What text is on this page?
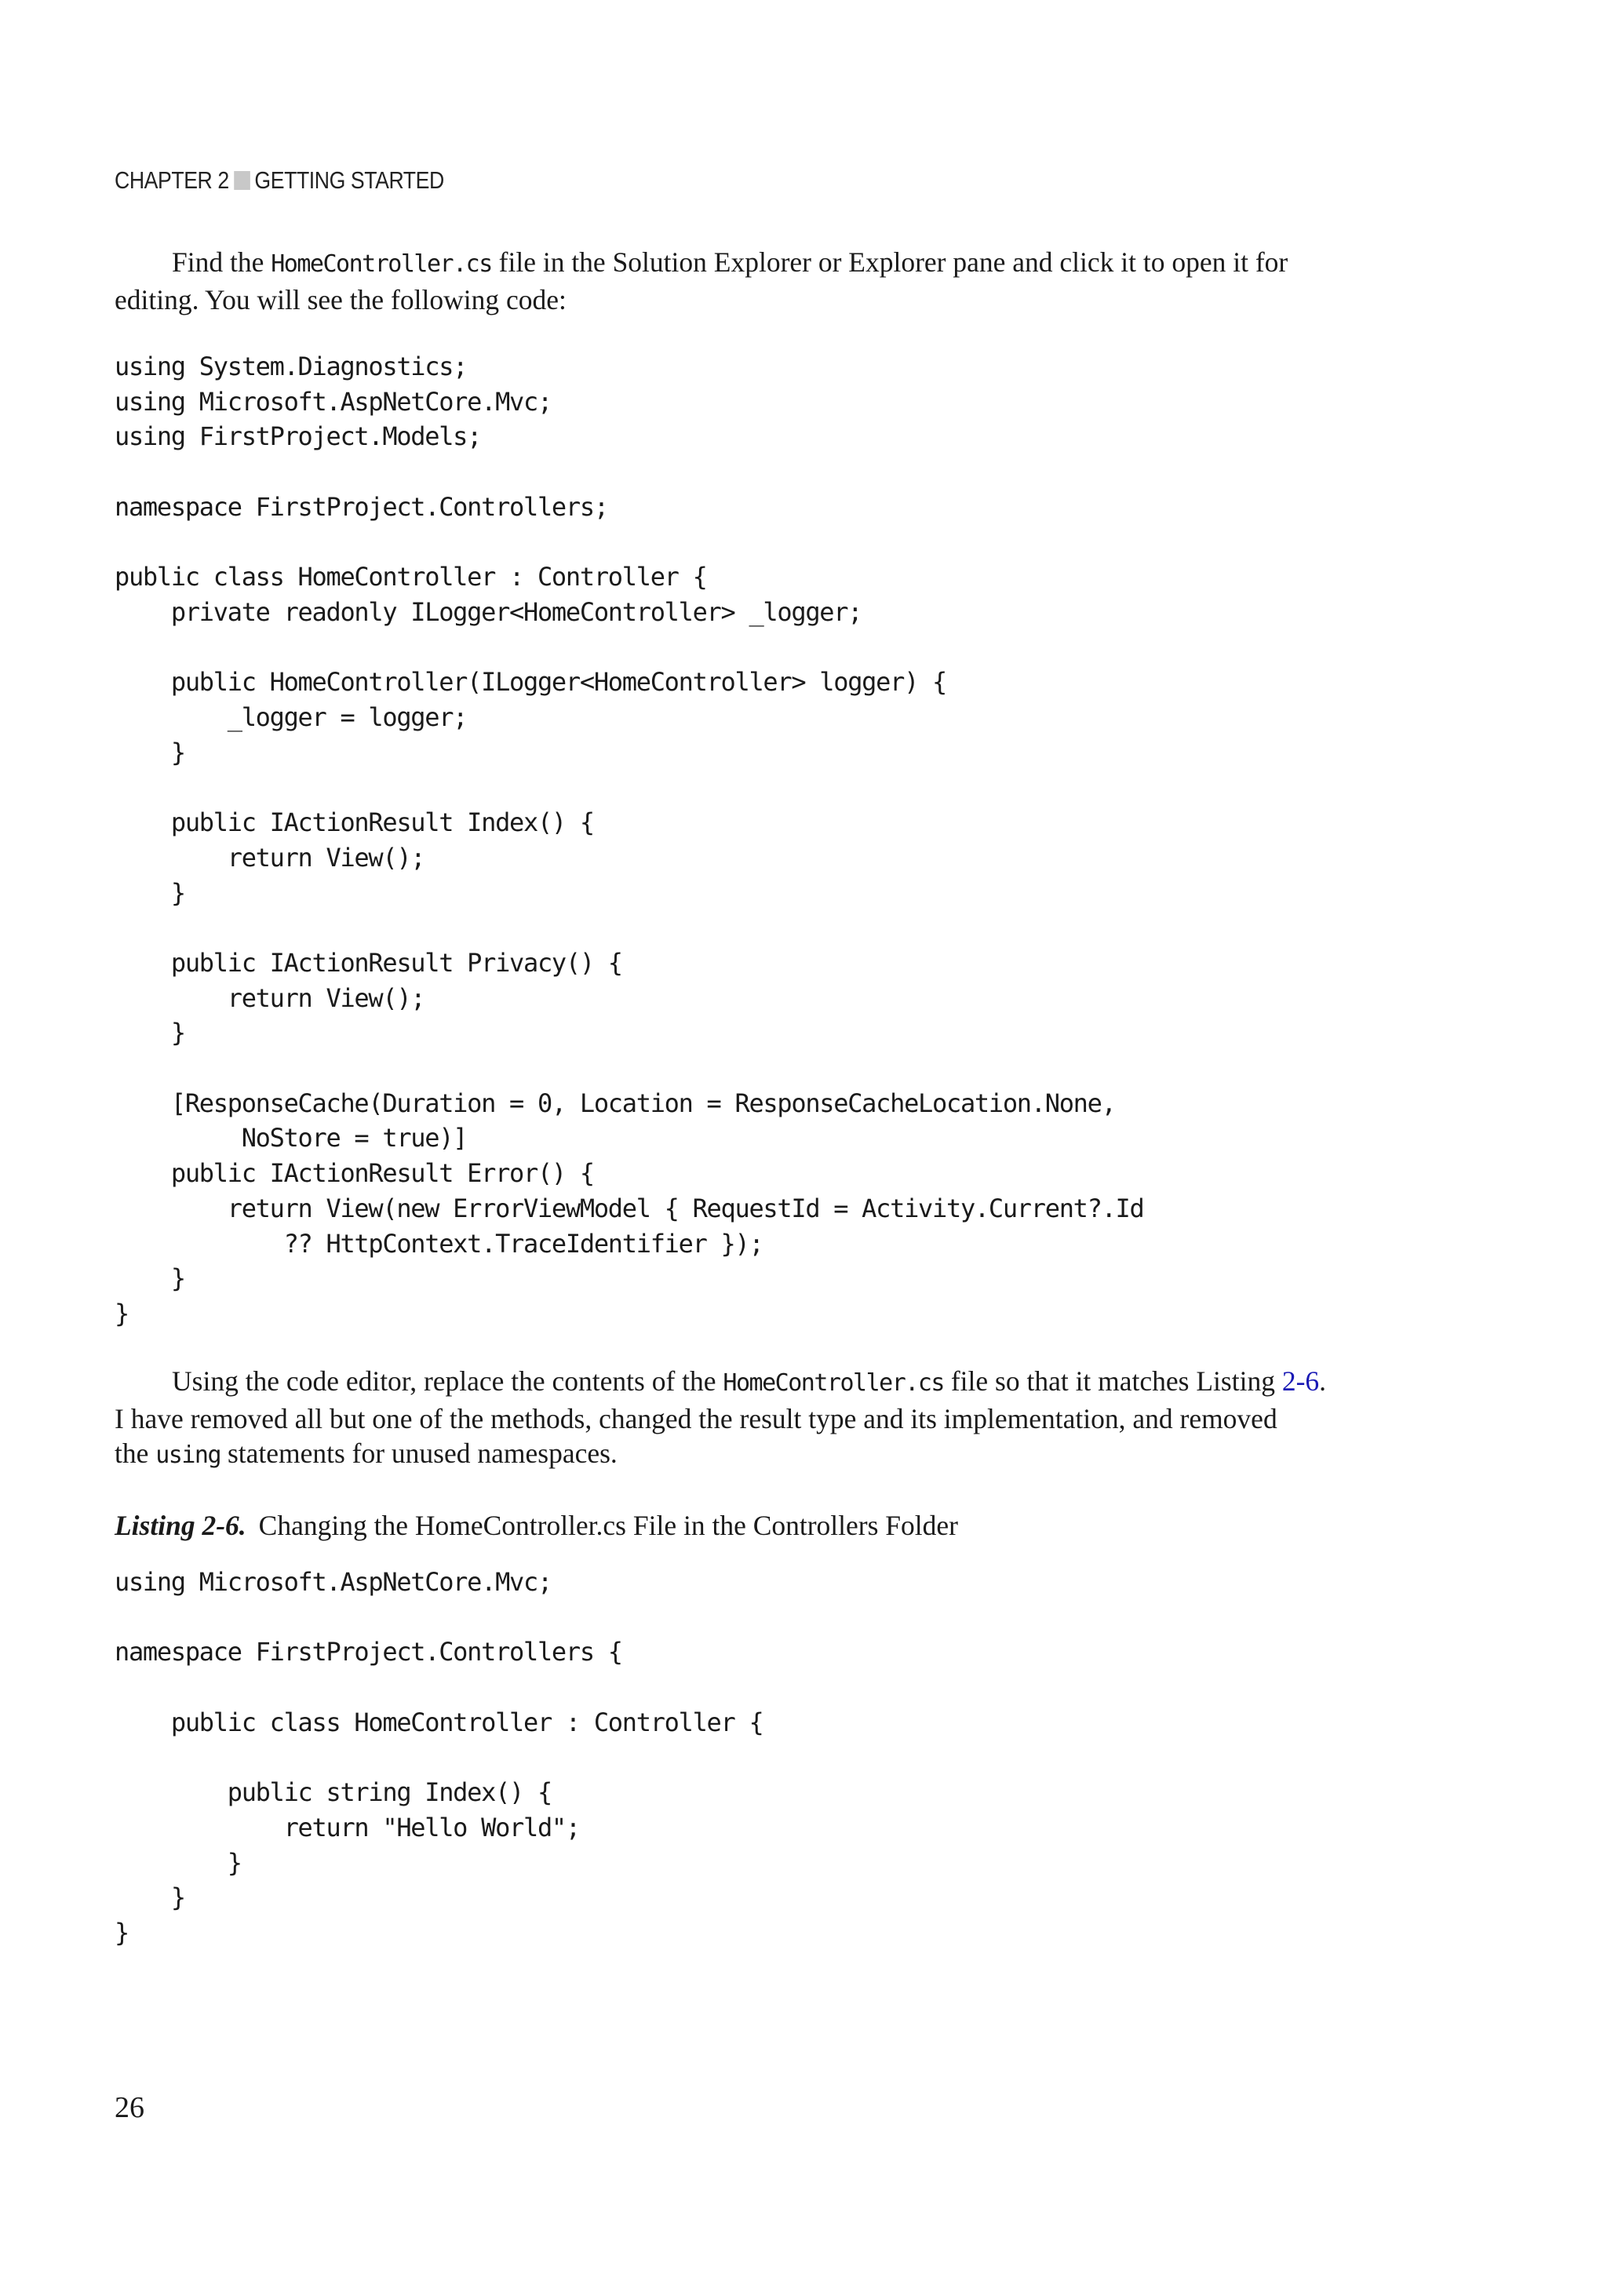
CHAPTER 2 GETTING STARTED
Find the HomeController.cs file in the Solution Explorer or Explorer pane and click it to open it for
editing. You will see the following code:
using System.Diagnostics;
using Microsoft.AspNetCore.Mvc;
using FirstProject.Models;

namespace FirstProject.Controllers;

public class HomeController : Controller {
private readonly ILogger<HomeController> _logger;

public HomeController(ILogger<HomeController> logger) {
_logger = logger;
}

public IActionResult Index() {
return View();
}

public IActionResult Privacy() {
return View();
}

[ResponseCache(Duration = 0, Location = ResponseCacheLocation.None,
NoStore = true)]
public IActionResult Error() {
return View(new ErrorViewModel { RequestId = Activity.Current?.Id
?? HttpContext.TraceIdentifier });
}
}
Using the code editor, replace the contents of the HomeController.cs file so that it matches Listing 2-6.
I have removed all but one of the methods, changed the result type and its implementation, and removed
the using statements for unused namespaces.
Listing 2-6. Changing the HomeController.cs File in the Controllers Folder
using Microsoft.AspNetCore.Mvc;

namespace FirstProject.Controllers {

public class HomeController : Controller {

public string Index() {
return "Hello World";
}
}
}
26
